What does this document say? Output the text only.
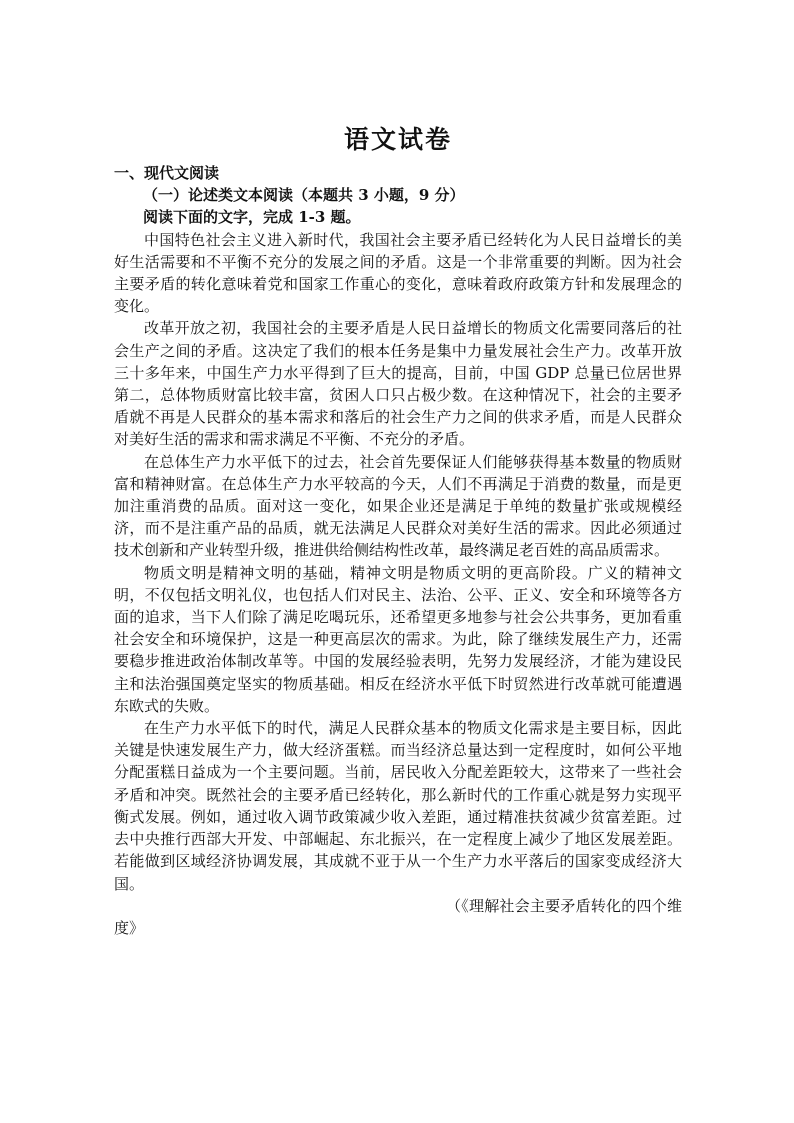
语文试卷
一、现代文阅读
（一）论述类文本阅读（本题共 3 小题，9 分）
阅读下面的文字，完成 1-3 题。

中国特色社会主义进入新时代，我国社会主要矛盾已经转化为人民日益增长的美好生活需要和不平衡不充分的发展之间的矛盾。这是一个非常重要的判断。因为社会主要矛盾的转化意味着党和国家工作重心的变化，意味着政府政策方针和发展理念的变化。

改革开放之初，我国社会的主要矛盾是人民日益增长的物质文化需要同落后的社会生产之间的矛盾。这决定了我们的根本任务是集中力量发展社会生产力。改革开放三十多年来，中国生产力水平得到了巨大的提高，目前，中国 GDP 总量已位居世界第二，总体物质财富比较丰富，贫困人口只占极少数。在这种情况下，社会的主要矛盾就不再是人民群众的基本需求和落后的社会生产力之间的供求矛盾，而是人民群众对美好生活的需求和需求满足不平衡、不充分的矛盾。

在总体生产力水平低下的过去，社会首先要保证人们能够获得基本数量的物质财富和精神财富。在总体生产力水平较高的今天，人们不再满足于消费的数量，而是更加注重消费的品质。面对这一变化，如果企业还是满足于单纯的数量扩张或规模经济，而不是注重产品的品质，就无法满足人民群众对美好生活的需求。因此必须通过技术创新和产业转型升级，推进供给侧结构性改革，最终满足老百姓的高品质需求。

物质文明是精神文明的基础，精神文明是物质文明的更高阶段。广义的精神文明，不仅包括文明礼仪，也包括人们对民主、法治、公平、正义、安全和环境等各方面的追求，当下人们除了满足吃喝玩乐，还希望更多地参与社会公共事务，更加看重社会安全和环境保护，这是一种更高层次的需求。为此，除了继续发展生产力，还需要稳步推进政治体制改革等。中国的发展经验表明，先努力发展经济，才能为建设民主和法治强国奠定坚实的物质基础。相反在经济水平低下时贸然进行改革就可能遭遇东欧式的失败。

在生产力水平低下的时代，满足人民群众基本的物质文化需求是主要目标，因此关键是快速发展生产力，做大经济蛋糕。而当经济总量达到一定程度时，如何公平地分配蛋糕日益成为一个主要问题。当前，居民收入分配差距较大，这带来了一些社会矛盾和冲突。既然社会的主要矛盾已经转化，那么新时代的工作重心就是努力实现平衡式发展。例如，通过收入调节政策减少收入差距，通过精准扶贫减少贫富差距。过去中央推行西部大开发、中部崛起、东北振兴，在一定程度上减少了地区发展差距。若能做到区域经济协调发展，其成就不亚于从一个生产力水平落后的国家变成经济大国。

（《理解社会主要矛盾转化的四个维度》
